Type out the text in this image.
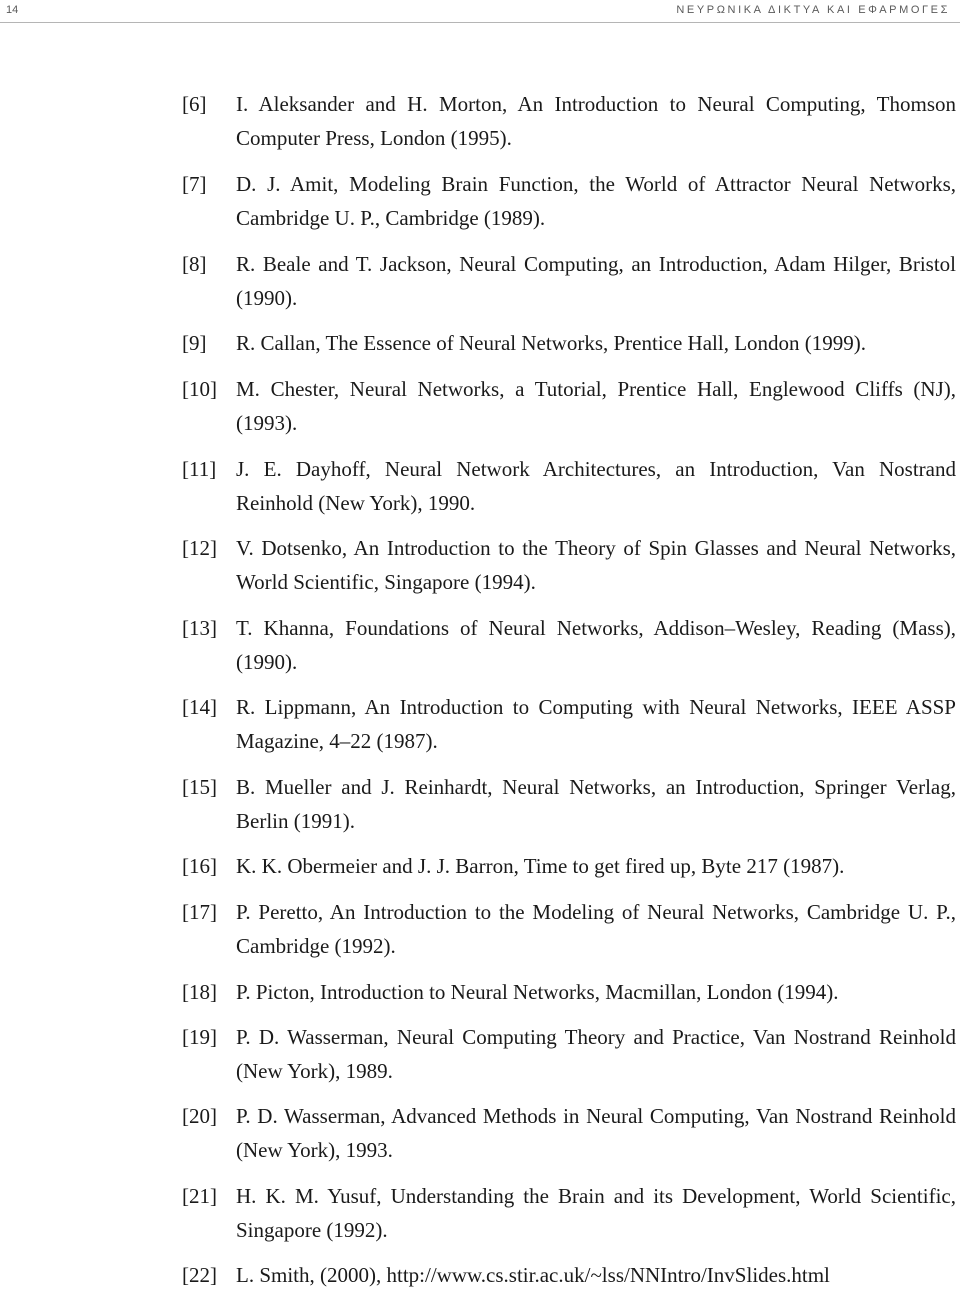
14	ΝΕΥΡΩΝΙΚΑ ΔΙΚΤΥΑ ΚΑΙ ΕΦΑΡΜΟΓΕΣ
[6] I. Aleksander and H. Morton, An Introduction to Neural Computing, Thomson Computer Press, London (1995).
[7] D. J. Amit, Modeling Brain Function, the World of Attractor Neural Networks, Cambridge U. P., Cambridge (1989).
[8] R. Beale and T. Jackson, Neural Computing, an Introduction, Adam Hilger, Bristol (1990).
[9] R. Callan, The Essence of Neural Networks, Prentice Hall, London (1999).
[10] M. Chester, Neural Networks, a Tutorial, Prentice Hall, Englewood Cliffs (NJ),(1993).
[11] J. E. Dayhoff, Neural Network Architectures, an Introduction, Van Nostrand Reinhold (New York), 1990.
[12] V. Dotsenko, An Introduction to the Theory of Spin Glasses and Neural Networks, World Scientific, Singapore (1994).
[13] T. Khanna, Foundations of Neural Networks, Addison–Wesley, Reading (Mass), (1990).
[14] R. Lippmann, An Introduction to Computing with Neural Networks, IEEE ASSP Magazine, 4–22 (1987).
[15] B. Mueller and J. Reinhardt, Neural Networks, an Introduction, Springer Verlag, Berlin (1991).
[16] K. K. Obermeier and J. J. Barron, Time to get fired up, Byte 217 (1987).
[17] P. Peretto, An Introduction to the Modeling of Neural Networks, Cambridge U. P., Cambridge (1992).
[18] P. Picton, Introduction to Neural Networks, Macmillan, London (1994).
[19] P. D. Wasserman, Neural Computing Theory and Practice, Van Nostrand Reinhold (New York), 1989.
[20] P. D. Wasserman, Advanced Methods in Neural Computing, Van Nostrand Reinhold (New York), 1993.
[21] H. K. M. Yusuf, Understanding the Brain and its Development, World Scientific, Singapore (1992).
[22] L. Smith, (2000), http://www.cs.stir.ac.uk/~lss/NNIntro/InvSlides.html
